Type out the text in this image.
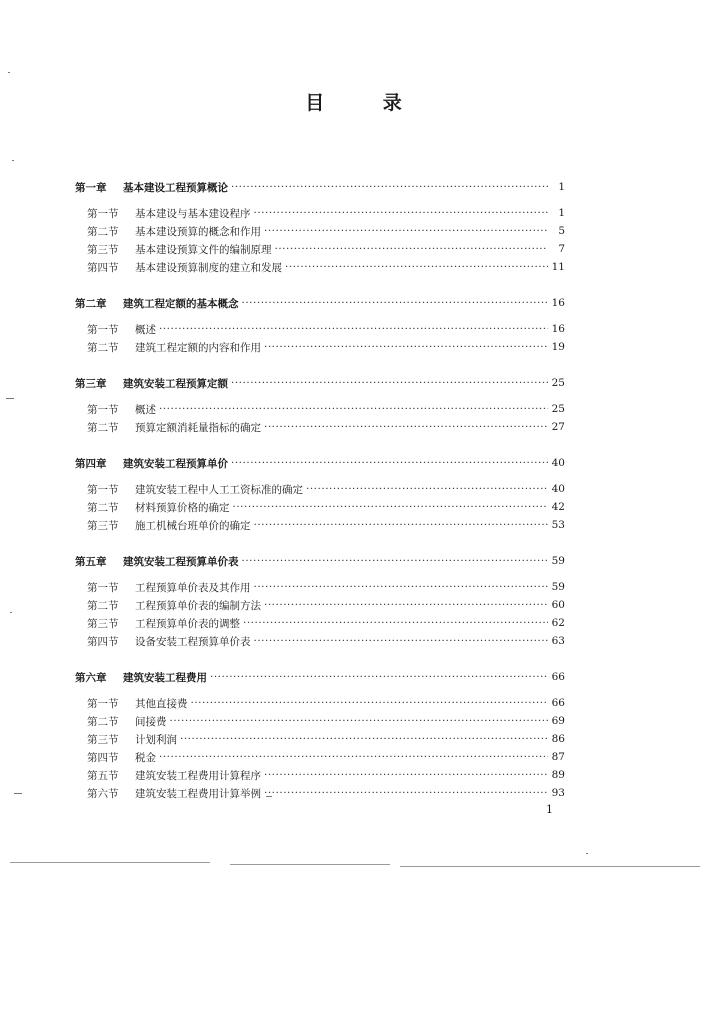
目 录
第一章	基本建设工程预算概论 ·····	1
第一节	基本建设与基本建设程序 ·····	1
第二节	基本建设预算的概念和作用 ·····	5
第三节	基本建设预算文件的编制原理 ·····	7
第四节	基本建设预算制度的建立和发展 ·····	11
第二章	建筑工程定额的基本概念 ·····	16
第一节	概述 ·····	16
第二节	建筑工程定额的内容和作用 ·····	19
第三章	建筑安装工程预算定额 ·····	25
第一节	概述 ·····	25
第二节	预算定额消耗量指标的确定 ·····	27
第四章	建筑安装工程预算单价 ·····	40
第一节	建筑安装工程中人工工资标准的确定 ·····	40
第二节	材料预算价格的确定 ·····	42
第三节	施工机械台班单价的确定 ·····	53
第五章	建筑安装工程预算单价表 ·····	59
第一节	工程预算单价表及其作用 ·····	59
第二节	工程预算单价表的编制方法 ·····	60
第三节	工程预算单价表的调整 ·····	62
第四节	设备安装工程预算单价表 ·····	63
第六章	建筑安装工程费用 ·····	66
第一节	其他直接费 ·····	66
第二节	间接费 ·····	69
第三节	计划利润 ·····	86
第四节	税金 ·····	87
第五节	建筑安装工程费用计算程序 ·····	89
第六节	建筑安装工程费用计算举例 ·····	93
1
